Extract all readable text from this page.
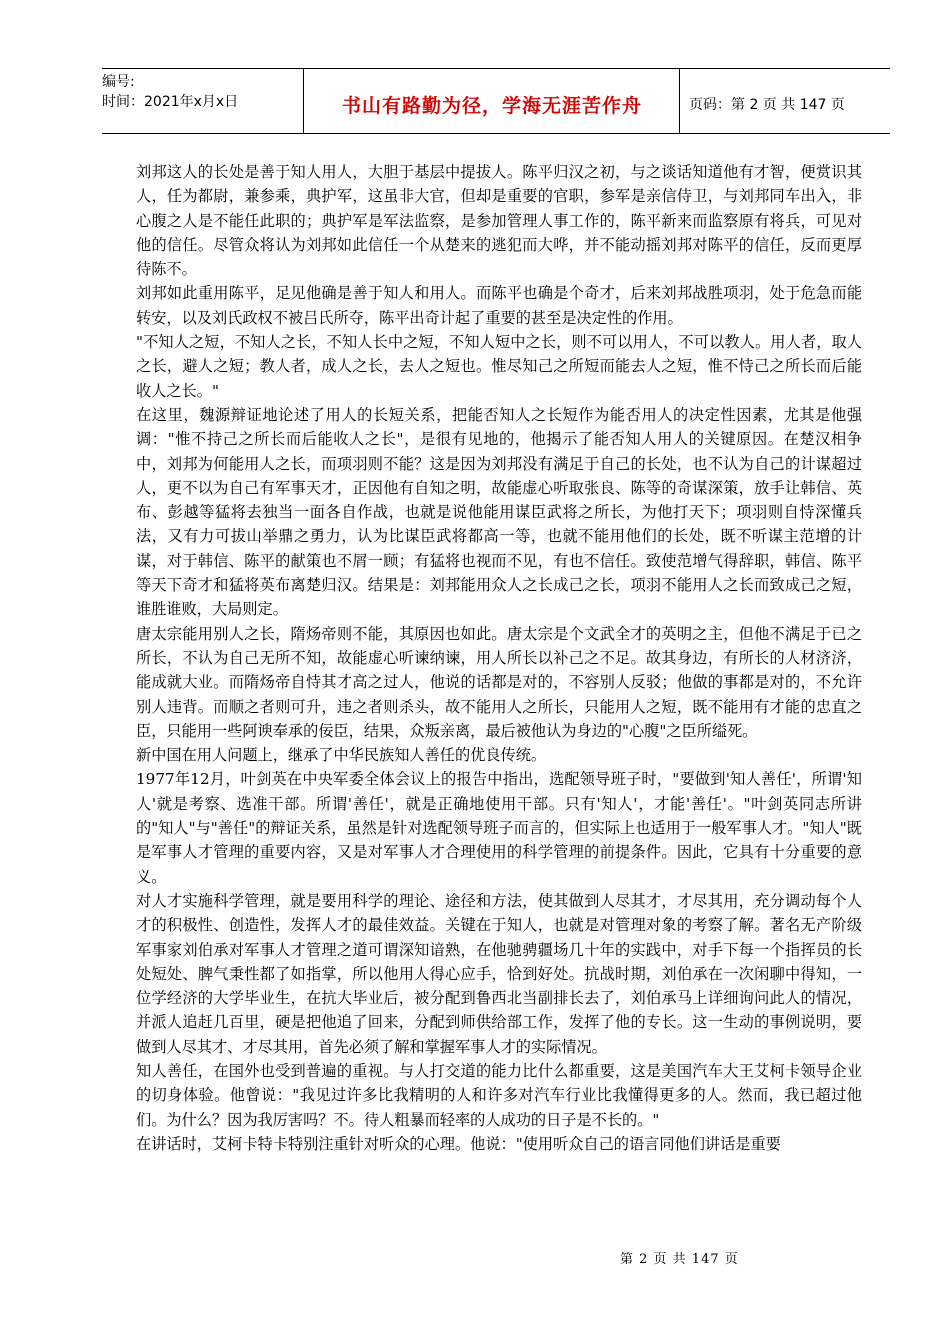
编号:
时间：2021年x月x日	书山有路勤为径，学海无涯苦作舟	页码：第 2 页 共 147 页

刘邦这人的长处是善于知人用人，大胆于基层中提拔人。陈平归汉之初，与之谈话知道他有才智，便赏识其人，任为都尉，兼参乘，典护军，这虽非大官，但却是重要的官职，参军是亲信侍卫，与刘邦同车出入，非心腹之人是不能任此职的；典护军是军法监察，是参加管理人事工作的，陈平新来而监察原有将兵，可见对他的信任。尽管众将认为刘邦如此信任一个从楚来的逃犯而大哗，并不能动摇刘邦对陈平的信任，反而更厚待陈不。

刘邦如此重用陈平，足见他确是善于知人和用人。而陈平也确是个奇才，后来刘邦战胜项羽，处于危急而能转安，以及刘氏政权不被吕氏所夺，陈平出奇计起了重要的甚至是决定性的作用。

"不知人之短，不知人之长，不知人长中之短，不知人短中之长，则不可以用人，不可以教人。用人者，取人之长，避人之短；教人者，成人之长，去人之短也。惟尽知己之所短而能去人之短，惟不恃己之所长而后能收人之长。"

在这里，魏源辩证地论述了用人的长短关系，把能否知人之长短作为能否用人的决定性因素，尤其是他强调："惟不持己之所长而后能收人之长"，是很有见地的，他揭示了能否知人用人的关键原因。在楚汉相争中，刘邦为何能用人之长，而项羽则不能？这是因为刘邦没有满足于自己的长处，也不认为自己的计谋超过人，更不以为自己有军事天才，正因他有自知之明，故能虚心听取张良、陈等的奇谋深策，放手让韩信、英布、彭越等猛将去独当一面各自作战，也就是说他能用谋臣武将之所长，为他打天下；项羽则自恃深懂兵法，又有力可拔山举鼎之勇力，认为比谋臣武将都高一等，也就不能用他们的长处，既不听谋主范增的计谋，对于韩信、陈平的献策也不屑一顾；有猛将也视而不见，有也不信任。致使范增气得辞职，韩信、陈平等天下奇才和猛将英布离楚归汉。结果是：刘邦能用众人之长成己之长，项羽不能用人之长而致成己之短，谁胜谁败，大局则定。

唐太宗能用别人之长，隋炀帝则不能，其原因也如此。唐太宗是个文武全才的英明之主，但他不满足于已之所长，不认为自己无所不知，故能虚心听谏纳谏，用人所长以补己之不足。故其身边，有所长的人材济济，能成就大业。而隋炀帝自恃其才高之过人，他说的话都是对的，不容别人反驳；他做的事都是对的，不允许别人违背。而顺之者则可升，违之者则杀头，故不能用人之所长，只能用人之短，既不能用有才能的忠直之臣，只能用一些阿谀奉承的佞臣，结果，众叛亲离，最后被他认为身边的"心腹"之臣所缢死。

新中国在用人问题上，继承了中华民族知人善任的优良传统。

1977年12月，叶剑英在中央军委全体会议上的报告中指出，选配领导班子时，"要做到'知人善任'，所谓'知人'就是考察、选准干部。所谓'善任'，就是正确地使用干部。只有'知人'，才能'善任'。"叶剑英同志所讲的"知人"与"善任"的辩证关系，虽然是针对选配领导班子而言的，但实际上也适用于一般军事人才。"知人"既是军事人才管理的重要内容，又是对军事人才合理使用的科学管理的前提条件。因此，它具有十分重要的意义。

对人才实施科学管理，就是要用科学的理论、途径和方法，使其做到人尽其才，才尽其用，充分调动每个人才的积极性、创造性，发挥人才的最佳效益。关键在于知人，也就是对管理对象的考察了解。著名无产阶级军事家刘伯承对军事人才管理之道可谓深知谙熟，在他驰骋疆场几十年的实践中，对手下每一个指挥员的长处短处、脾气秉性都了如指掌，所以他用人得心应手，恰到好处。抗战时期，刘伯承在一次闲聊中得知，一位学经济的大学毕业生，在抗大毕业后，被分配到鲁西北当副排长去了，刘伯承马上详细询问此人的情况，并派人追赶几百里，硬是把他追了回来，分配到师供给部工作，发挥了他的专长。这一生动的事例说明，要做到人尽其才、才尽其用，首先必须了解和掌握军事人才的实际情况。

知人善任，在国外也受到普遍的重视。与人打交道的能力比什么都重要，这是美国汽车大王艾柯卡领导企业的切身体验。他曾说："我见过许多比我精明的人和许多对汽车行业比我懂得更多的人。然而，我已超过他们。为什么？因为我厉害吗？不。待人粗暴而轻率的人成功的日子是不长的。"

在讲话时，艾柯卡特卡特别注重针对听众的心理。他说："使用听众自己的语言同他们讲话是重要

第 2 页 共 147 页
